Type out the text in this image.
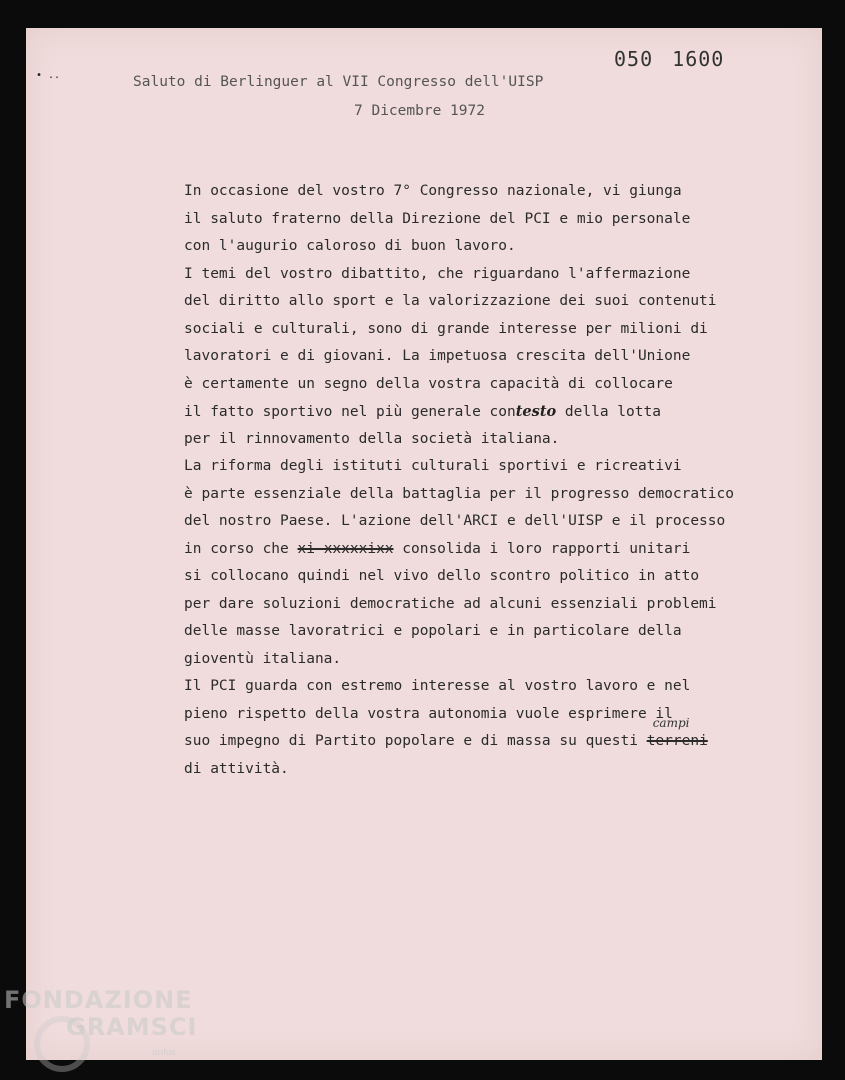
• ..
050 1600
Saluto di Berlinguer al VII Congresso dell'UISP
7 Dicembre 1972
In occasione del vostro 7° Congresso nazionale, vi giunga
il saluto fraterno della Direzione del PCI e mio personale
con l'augurio caloroso di buon lavoro.
I temi del vostro dibattito, che riguardano l'affermazione
del diritto allo sport e la valorizzazione dei suoi contenuti
sociali e culturali, sono di grande interesse per milioni di
lavoratori e di giovani. La impetuosa crescita dell'Unione
è certamente un segno della vostra capacità di collocare
il fatto sportivo nel più generale contesto della lotta
per il rinnovamento della società italiana.
La riforma degli istituti culturali sportivi e ricreativi
è parte essenziale della battaglia per il progresso democratico
del nostro Paese. L'azione dell'ARCI e dell'UISP e il processo
in corso che xi xxxxxixx consolida i loro rapporti unitari
si collocano quindi nel vivo dello scontro politico in atto
per dare soluzioni democratiche ad alcuni essenziali problemi
delle masse lavoratrici e popolari e in particolare della
gioventù italiana.
Il PCI guarda con estremo interesse al vostro lavoro e nel
pieno rispetto della vostra autonomia vuole esprimere il
suo impegno di Partito popolare e di massa su questi terreni
campi
di attività.
FONDAZIONE
GRAMSCI
onlus
